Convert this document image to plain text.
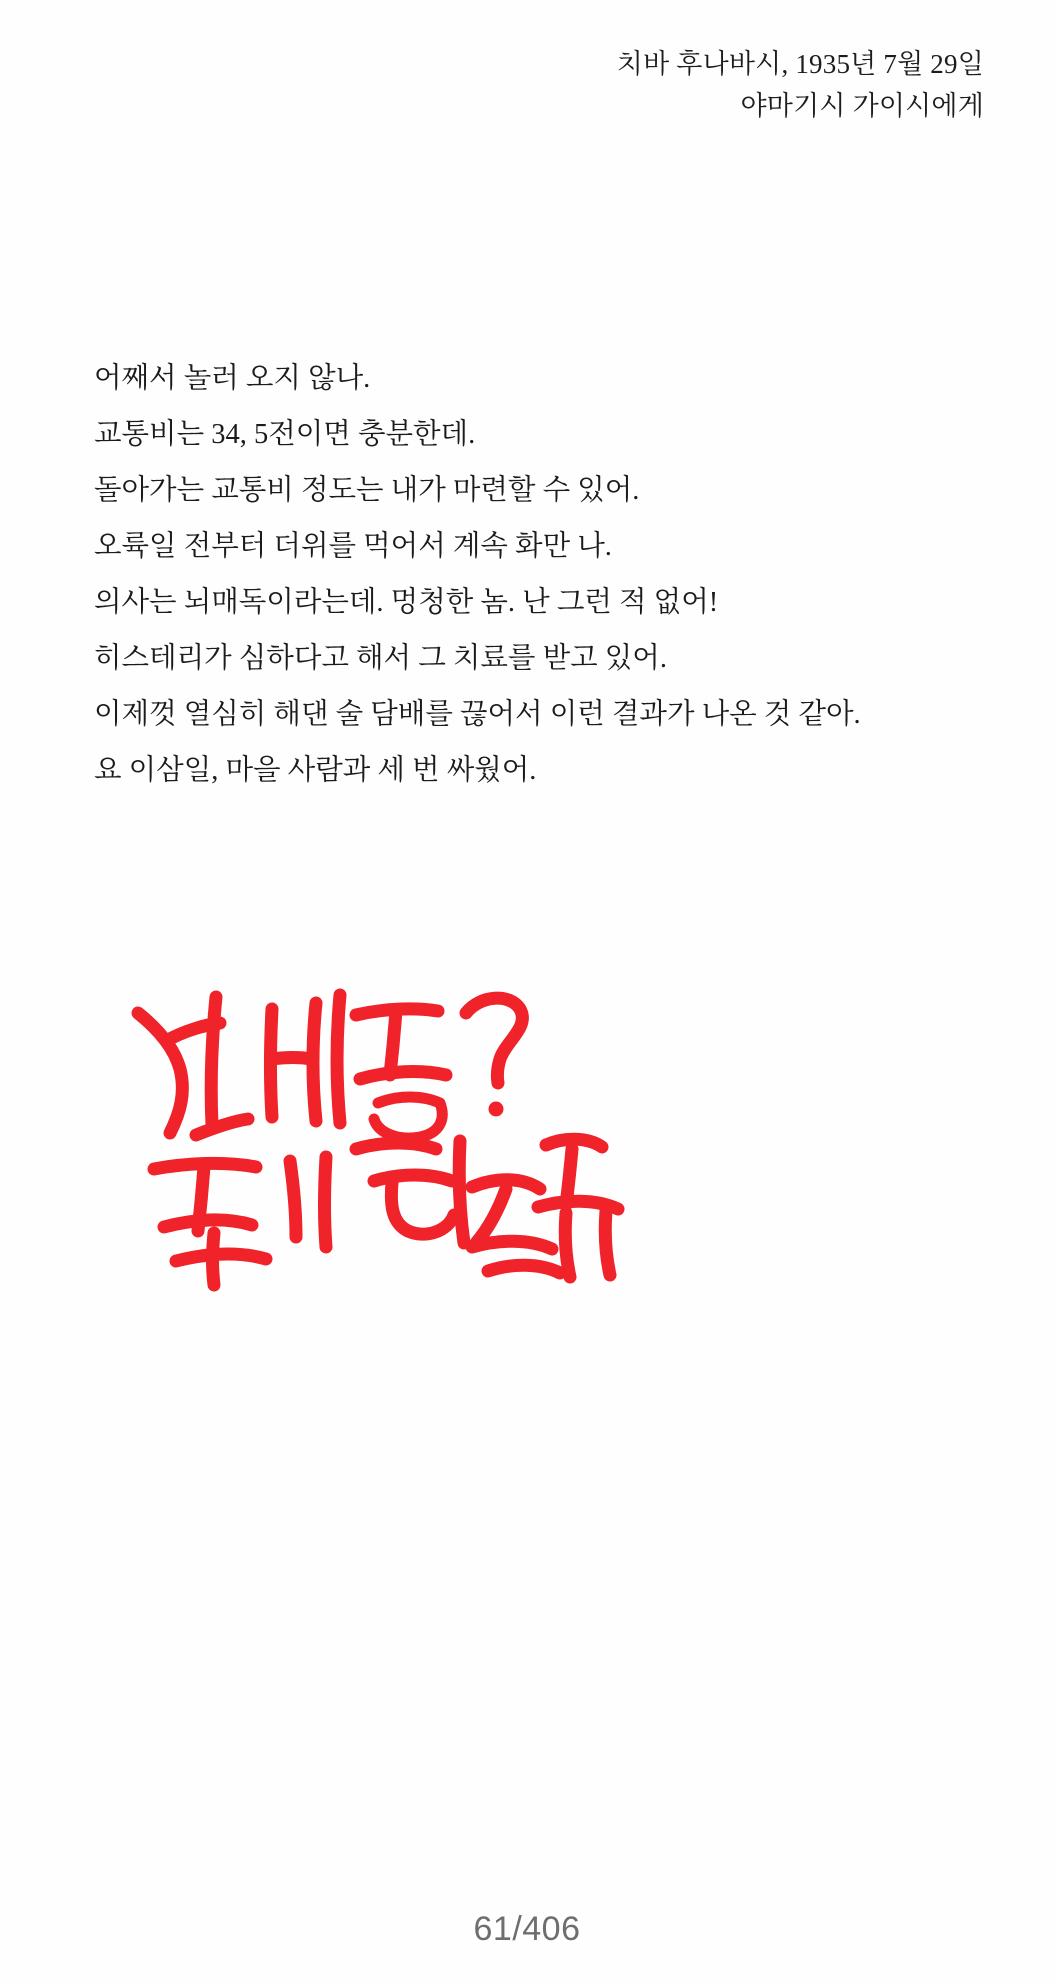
치바 후나바시, 1935년 7월 29일
야마기시 가이시에게

어째서 놀러 오지 않나.

교통비는 34, 5전이면 충분한데.

돌아가는 교통비 정도는 내가 마련할 수 있어.

오륙일 전부터 더위를 먹어서 계속 화만 나.

의사는 뇌매독이라는데. 멍청한 놈. 난 그런 적 없어!

히스테리가 심하다고 해서 그 치료를 받고 있어.

이제껏 열심히 해댄 술 담배를 끊어서 이런 결과가 나온 것 같아.

요 이삼일, 마을 사람과 세 번 싸웠어.

61/406
